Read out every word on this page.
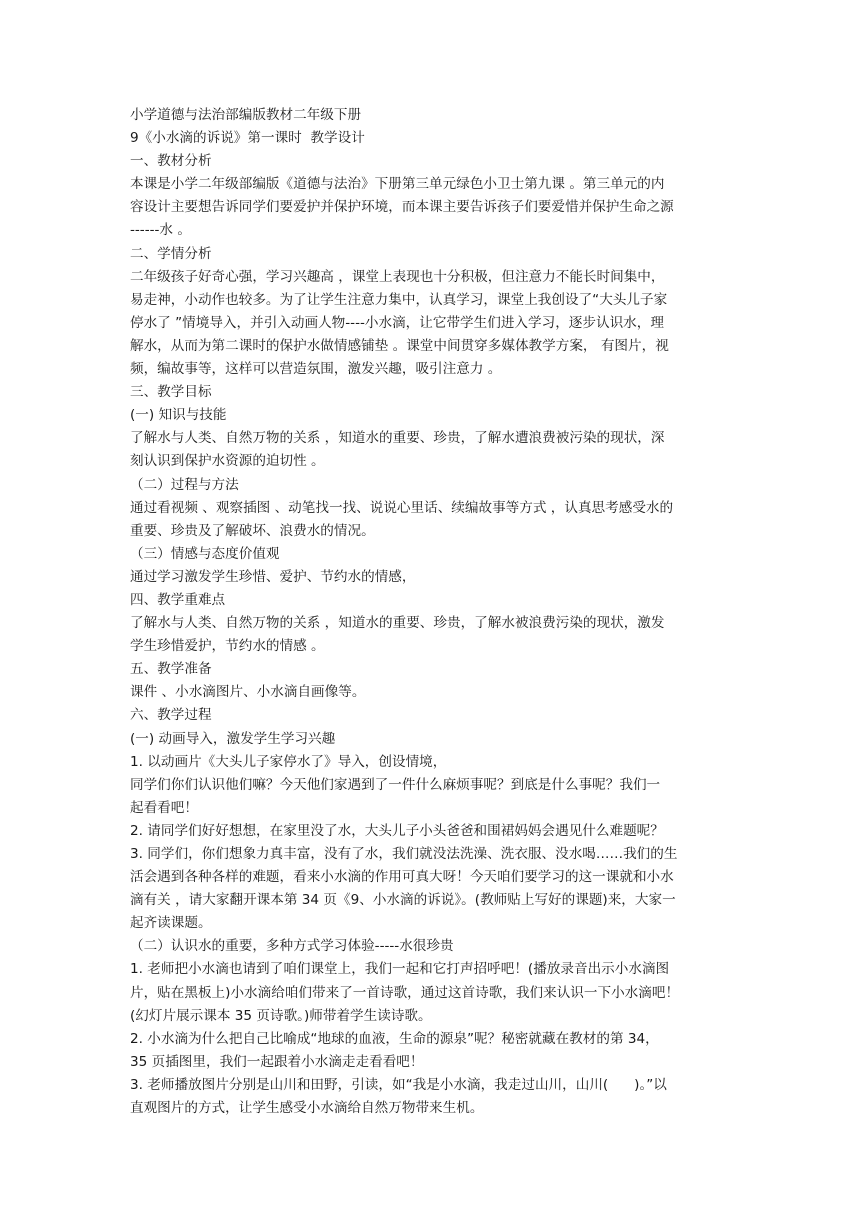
小学道德与法治部编版教材二年级下册
9《小水滴的诉说》第一课时  教学设计
一、教材分析
本课是小学二年级部编版《道德与法治》下册第三单元绿色小卫士第九课 。第三单元的内
容设计主要想告诉同学们要爱护并保护环境，而本课主要告诉孩子们要爱惜并保护生命之源
------水 。
二、学情分析
二年级孩子好奇心强，学习兴趣高 ，课堂上表现也十分积极，但注意力不能长时间集中，
易走神，小动作也较多。为了让学生注意力集中，认真学习，课堂上我创设了“大头儿子家
停水了 ”情境导入，并引入动画人物----小水滴，让它带学生们进入学习，逐步认识水，理
解水，从而为第二课时的保护水做情感铺垫 。课堂中间贯穿多媒体教学方案， 有图片，视
频，编故事等，这样可以营造氛围，激发兴趣，吸引注意力 。
三、教学目标
(一) 知识与技能
了解水与人类、自然万物的关系 ，知道水的重要、珍贵，了解水遭浪费被污染的现状，深
刻认识到保护水资源的迫切性 。
（二）过程与方法
通过看视频 、观察插图 、动笔找一找、说说心里话、续编故事等方式 ，认真思考感受水的
重要、珍贵及了解破坏、浪费水的情况。
（三）情感与态度价值观
通过学习激发学生珍惜、爱护、节约水的情感，
四、教学重难点
了解水与人类、自然万物的关系 ，知道水的重要、珍贵，了解水被浪费污染的现状，激发
学生珍惜爱护，节约水的情感 。
五、教学准备
课件 、小水滴图片、小水滴自画像等。
六、教学过程
(一) 动画导入，激发学生学习兴趣
1. 以动画片《大头儿子家停水了》导入，创设情境，
同学们你们认识他们嘛？今天他们家遇到了一件什么麻烦事呢？到底是什么事呢？我们一
起看看吧！
2. 请同学们好好想想，在家里没了水，大头儿子小头爸爸和围裙妈妈会遇见什么难题呢？
3. 同学们，你们想象力真丰富，没有了水，我们就没法洗澡、洗衣服、没水喝……我们的生
活会遇到各种各样的难题，看来小水滴的作用可真大呀！今天咱们要学习的这一课就和小水
滴有关 ，请大家翻开课本第 34 页《9、小水滴的诉说》。(教师贴上写好的课题)来，大家一
起齐读课题。
（二）认识水的重要，多种方式学习体验-----水很珍贵
1. 老师把小水滴也请到了咱们课堂上，我们一起和它打声招呼吧！(播放录音出示小水滴图
片，贴在黑板上)小水滴给咱们带来了一首诗歌，通过这首诗歌，我们来认识一下小水滴吧！
(幻灯片展示课本 35 页诗歌。)师带着学生读诗歌。
2. 小水滴为什么把自己比喻成“地球的血液，生命的源泉”呢？秘密就藏在教材的第 34，
35 页插图里，我们一起跟着小水滴走走看看吧！
3. 老师播放图片分别是山川和田野，引读，如“我是小水滴，我走过山川，山川(      )。”以
直观图片的方式，让学生感受小水滴给自然万物带来生机。
